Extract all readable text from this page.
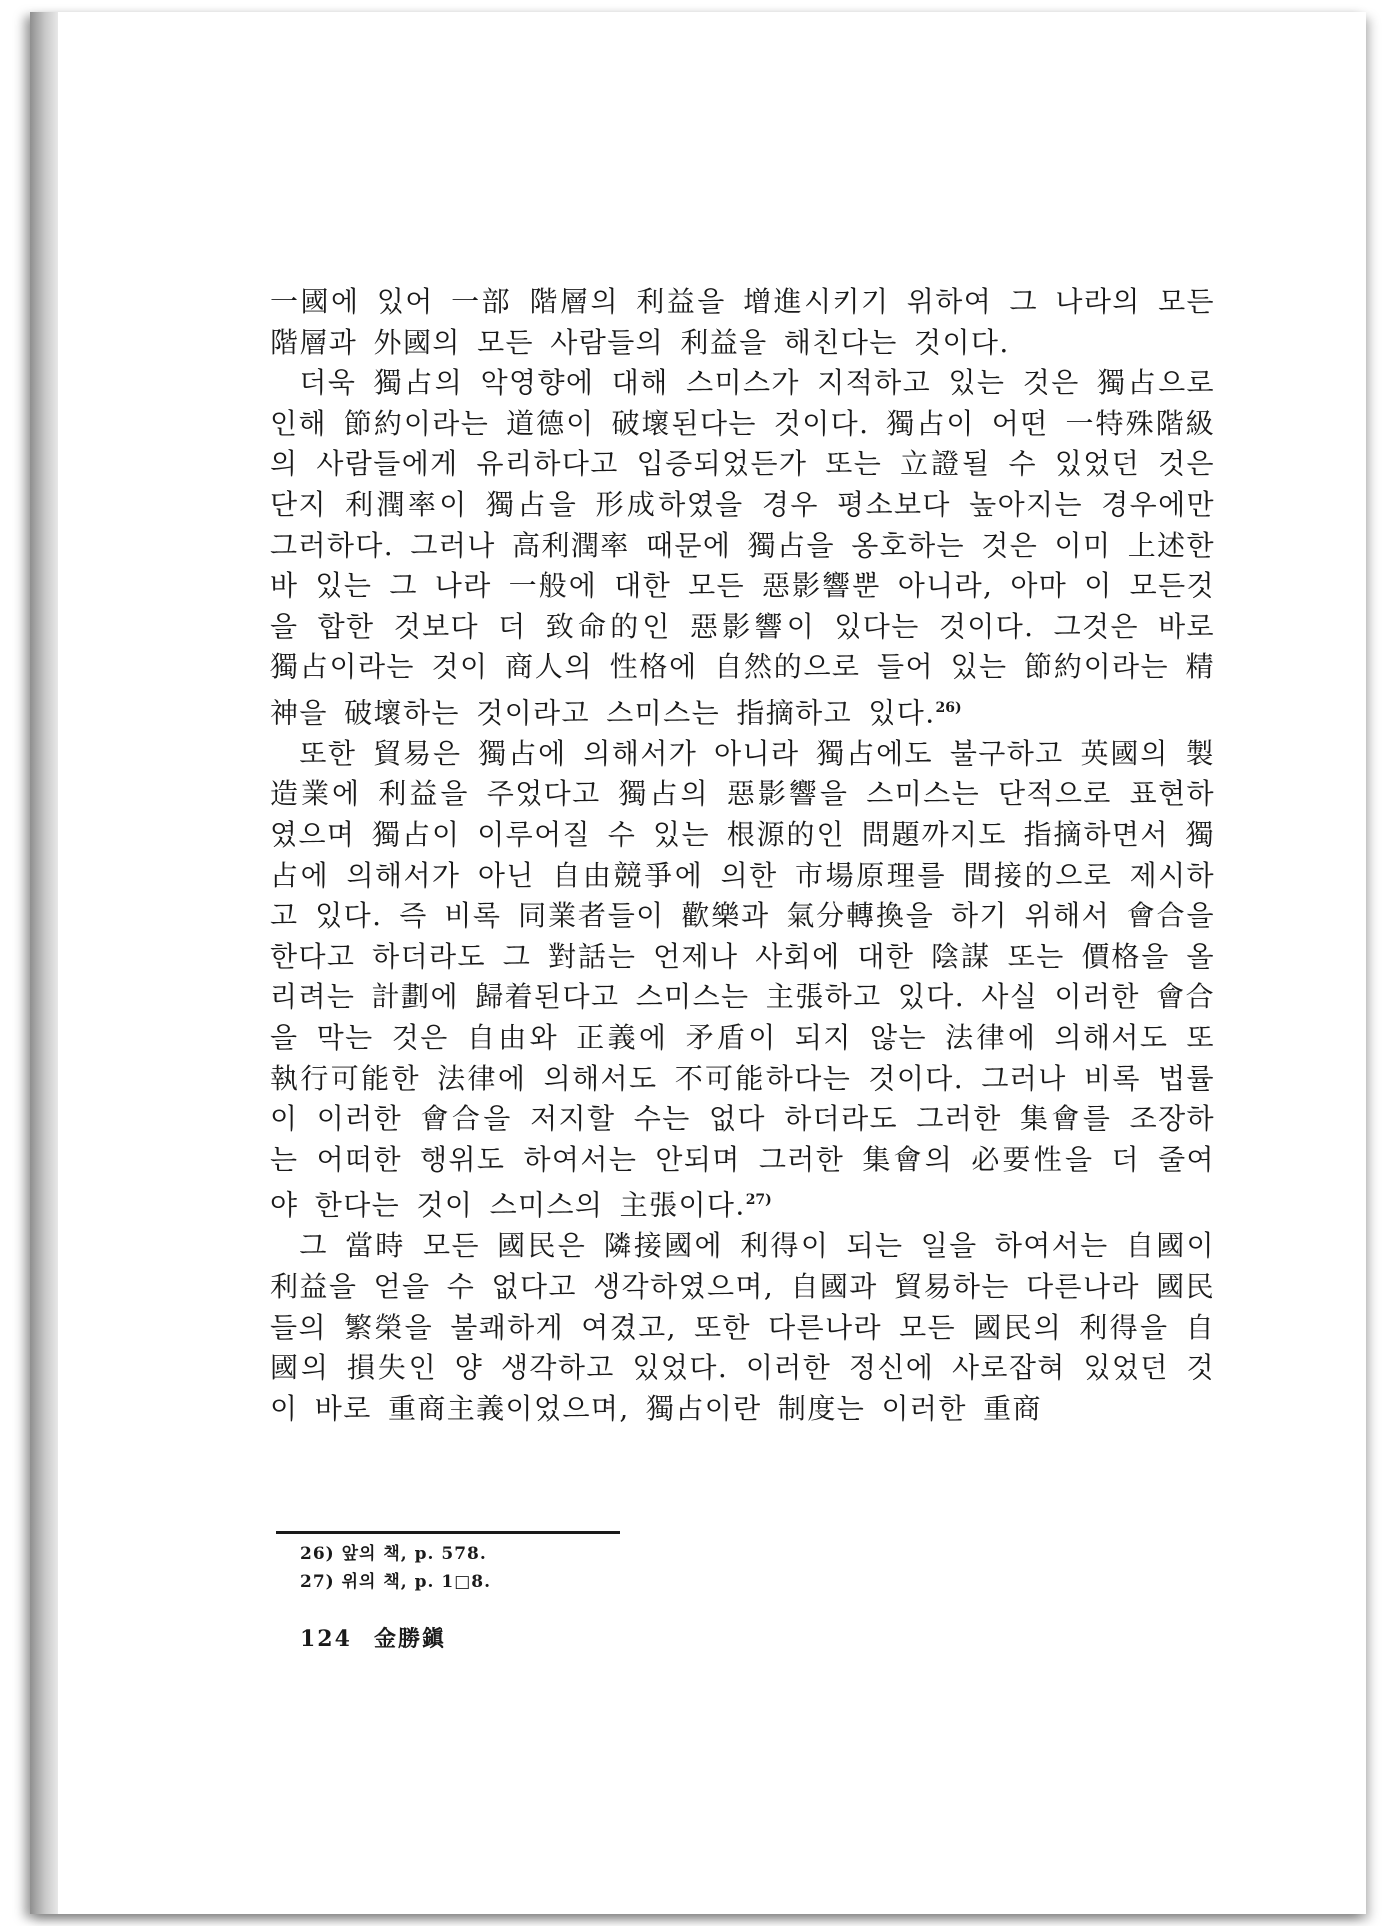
一國에 있어 一部 階層의 利益을 增進시키기 위하여 그 나라의 모든 階層과 外國의 모든 사람들의 利益을 해친다는 것이다.

더욱 獨占의 악영향에 대해 스미스가 지적하고 있는 것은 獨占으로 인해 節約이라는 道德이 破壞된다는 것이다. 獨占이 어떤 一特殊階級의 사람들에게 유리하다고 입증되었든가 또는 立證될 수 있었던 것은 단지 利潤率이 獨占을 形成하였을 경우 평소보다 높아지는 경우에만 그러하다. 그러나 高利潤率 때문에 獨占을 옹호하는 것은 이미 上述한 바 있는 그 나라 一般에 대한 모든 惡影響뿐 아니라, 아마 이 모든것을 합한 것보다 더 致命的인 惡影響이 있다는 것이다. 그것은 바로 獨占이라는 것이 商人의 性格에 自然的으로 들어 있는 節約이라는 精神을 破壞하는 것이라고 스미스는 指摘하고 있다.$^{26)}$

또한 貿易은 獨占에 의해서가 아니라 獨占에도 불구하고 英國의 製造業에 利益을 주었다고 獨占의 惡影響을 스미스는 단적으로 표현하였으며 獨占이 이루어질 수 있는 根源的인 問題까지도 指摘하면서 獨占에 의해서가 아닌 自由競爭에 의한 市場原理를 間接的으로 제시하고 있다. 즉 비록 同業者들이 歡樂과 氣分轉換을 하기 위해서 會合을 한다고 하더라도 그 對話는 언제나 사회에 대한 陰謀 또는 價格을 올리려는 計劃에 歸着된다고 스미스는 主張하고 있다. 사실 이러한 會合을 막는 것은 自由와 正義에 矛盾이 되지 않는 法律에 의해서도 또 執行可能한 法律에 의해서도 不可能하다는 것이다. 그러나 비록 법률이 이러한 會合을 저지할 수는 없다 하더라도 그러한 集會를 조장하는 어떠한 행위도 하여서는 안되며 그러한 集會의 必要性을 더 줄여야 한다는 것이 스미스의 主張이다.$^{27)}$

그 當時 모든 國民은 隣接國에 利得이 되는 일을 하여서는 自國이 利益을 얻을 수 없다고 생각하였으며, 自國과 貿易하는 다른나라 國民들의 繁榮을 불쾌하게 여겼고, 또한 다른나라 모든 國民의 利得을 自國의 損失인 양 생각하고 있었다. 이러한 정신에 사로잡혀 있었던 것이 바로 重商主義이었으며, 獨占이란 制度는 이러한 重商

26) 앞의 책, p. 578.
27) 위의 책, p. 1□8.
124 金勝鎭
